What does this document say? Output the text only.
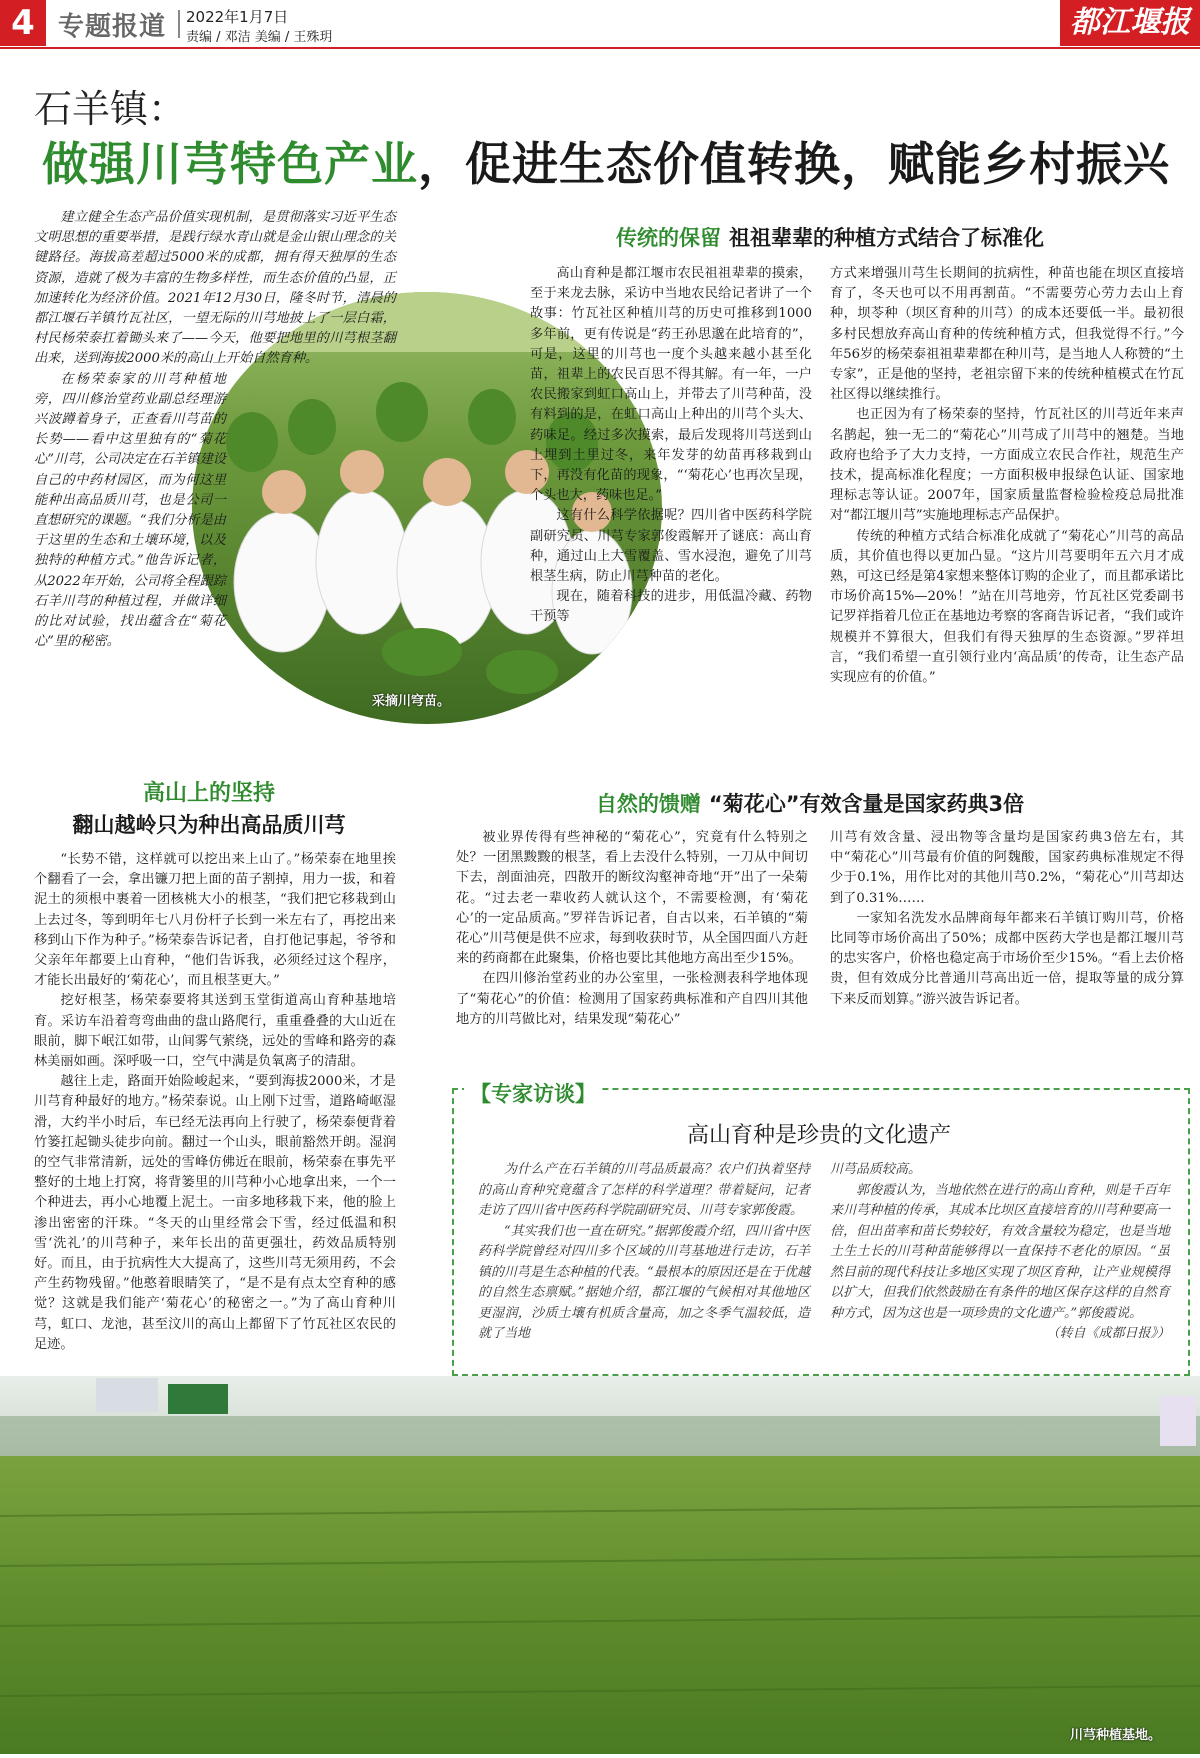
4 专题报道 2022年1月7日
责编 / 邓洁 美编 / 王殊玥	都江堰报
石羊镇：
做强川芎特色产业，促进生态价值转换，赋能乡村振兴
采摘川穹苗。

建立健全生态产品价值实现机制，是贯彻落实习近平生态文明思想的重要举措，是践行绿水青山就是金山银山理念的关键路径。海拔高差超过5000米的成都，拥有得天独厚的生态资源，造就了极为丰富的生物多样性，而生态价值的凸显，正加速转化为经济价值。2021年12月30日，隆冬时节，清晨的都江堰石羊镇竹瓦社区，一望无际的川芎地披上了一层白霜，村民杨荣泰扛着锄头来了——今天，他要把地里的川芎根茎翻出来，送到海拔2000米的高山上开始自然育种。

在杨荣泰家的川芎种植地旁，四川修治堂药业副总经理游兴波蹲着身子，正查看川芎苗的长势——看中这里独有的“菊花心”川芎，公司决定在石羊镇建设自己的中药材园区，而为何这里能种出高品质川芎，也是公司一直想研究的课题。“我们分析是由于这里的生态和土壤环境，以及独特的种植方式。”他告诉记者，从2022年开始，公司将全程跟踪石羊川芎的种植过程，并做详细的比对试验，找出蕴含在“菊花心”里的秘密。

传统的保留 祖祖辈辈的种植方式结合了标准化

高山育种是都江堰市农民祖祖辈辈的摸索，至于来龙去脉，采访中当地农民给记者讲了一个故事：竹瓦社区种植川芎的历史可推移到1000多年前，更有传说是“药王孙思邈在此培育的”，可是，这里的川芎也一度个头越来越小甚至化苗，祖辈上的农民百思不得其解。有一年，一户农民搬家到虹口高山上，并带去了川芎种苗，没有料到的是，在虹口高山上种出的川芎个头大、药味足。经过多次摸索，最后发现将川芎送到山上埋到土里过冬，来年发芽的幼苗再移栽到山下，再没有化苗的现象，“‘菊花心’也再次呈现，个头也大，药味也足。”

这有什么科学依据呢？四川省中医药科学院副研究员、川芎专家郭俊霞解开了谜底：高山育种，通过山上大雪覆盖、雪水浸泡，避免了川芎根茎生病，防止川芎种苗的老化。

现在，随着科技的进步，用低温冷藏、药物干预等

方式来增强川芎生长期间的抗病性，种苗也能在坝区直接培育了，冬天也可以不用再割苗。“不需要劳心劳力去山上育种，坝苓种（坝区育种的川芎）的成本还要低一半。最初很多村民想放弃高山育种的传统种植方式，但我觉得不行。”今年56岁的杨荣泰祖祖辈辈都在种川芎，是当地人人称赞的“土专家”，正是他的坚持，老祖宗留下来的传统种植模式在竹瓦社区得以继续推行。

也正因为有了杨荣泰的坚持，竹瓦社区的川芎近年来声名鹊起，独一无二的“菊花心”川芎成了川芎中的翘楚。当地政府也给予了大力支持，一方面成立农民合作社，规范生产技术，提高标准化程度；一方面积极申报绿色认证、国家地理标志等认证。2007年，国家质量监督检验检疫总局批准对“都江堰川芎”实施地理标志产品保护。

传统的种植方式结合标准化成就了“菊花心”川芎的高品质，其价值也得以更加凸显。“这片川芎要明年五六月才成熟，可这已经是第4家想来整体订购的企业了，而且都承诺比市场价高15%—20%！”站在川芎地旁，竹瓦社区党委副书记罗祥指着几位正在基地边考察的客商告诉记者，“我们或许规模并不算很大，但我们有得天独厚的生态资源。”罗祥坦言，“我们希望一直引领行业内‘高品质’的传奇，让生态产品实现应有的价值。”

高山上的坚持
翻山越岭只为种出高品质川芎

“长势不错，这样就可以挖出来上山了。”杨荣泰在地里挨个翻看了一会，拿出镰刀把上面的苗子割掉，用力一拔，和着泥土的须根中裹着一团核桃大小的根茎，“我们把它移栽到山上去过冬，等到明年七八月份杆子长到一米左右了，再挖出来移到山下作为种子。”杨荣泰告诉记者，自打他记事起，爷爷和父亲年年都要上山育种，“他们告诉我，必须经过这个程序，才能长出最好的‘菊花心’，而且根茎更大。”

挖好根茎，杨荣泰要将其送到玉堂街道高山育种基地培育。采访车沿着弯弯曲曲的盘山路爬行，重重叠叠的大山近在眼前，脚下岷江如带，山间雾气萦绕，远处的雪峰和路旁的森林美丽如画。深呼吸一口，空气中满是负氧离子的清甜。

越往上走，路面开始险峻起来，“要到海拔2000米，才是川芎育种最好的地方。”杨荣泰说。山上刚下过雪，道路崎岖湿滑，大约半小时后，车已经无法再向上行驶了，杨荣泰便背着竹篓扛起锄头徒步向前。翻过一个山头，眼前豁然开朗。湿润的空气非常清新，远处的雪峰仿佛近在眼前，杨荣泰在事先平整好的土地上打窝，将背篓里的川芎种小心地拿出来，一个一个种进去，再小心地覆上泥土。一亩多地移栽下来，他的脸上渗出密密的汗珠。“冬天的山里经常会下雪，经过低温和积雪‘洗礼’的川芎种子，来年长出的苗更强壮，药效品质特别好。而且，由于抗病性大大提高了，这些川芎无须用药，不会产生药物残留。”他憨着眼睛笑了，“是不是有点太空育种的感觉？这就是我们能产‘菊花心’的秘密之一。”为了高山育种川芎，虹口、龙池，甚至汶川的高山上都留下了竹瓦社区农民的足迹。

自然的馈赠 “菊花心”有效含量是国家药典3倍

被业界传得有些神秘的“菊花心”，究竟有什么特别之处？一团黑黢黢的根茎，看上去没什么特别，一刀从中间切下去，剖面油亮，四散开的断纹沟壑神奇地“开”出了一朵菊花。“过去老一辈收药人就认这个，不需要检测，有‘菊花心’的一定品质高。”罗祥告诉记者，自古以来，石羊镇的“菊花心”川芎便是供不应求，每到收获时节，从全国四面八方赶来的药商都在此聚集，价格也要比其他地方高出至少15%。

在四川修治堂药业的办公室里，一张检测表科学地体现了“菊花心”的价值：检测用了国家药典标准和产自四川其他地方的川芎做比对，结果发现“菊花心”

川芎有效含量、浸出物等含量均是国家药典3倍左右，其中“菊花心”川芎最有价值的阿魏酸，国家药典标准规定不得少于0.1%，用作比对的其他川芎0.2%，“菊花心”川芎却达到了0.31%……

一家知名洗发水品牌商每年都来石羊镇订购川芎，价格比同等市场价高出了50%；成都中医药大学也是都江堰川芎的忠实客户，价格也稳定高于市场价至少15%。“看上去价格贵，但有效成分比普通川芎高出近一倍，提取等量的成分算下来反而划算。”游兴波告诉记者。

【专家访谈】
高山育种是珍贵的文化遗产

为什么产在石羊镇的川芎品质最高？农户们执着坚持的高山育种究竟蕴含了怎样的科学道理？带着疑问，记者走访了四川省中医药科学院副研究员、川芎专家郭俊霞。

“其实我们也一直在研究。”据郭俊霞介绍，四川省中医药科学院曾经对四川多个区域的川芎基地进行走访，石羊镇的川芎是生态种植的代表。“最根本的原因还是在于优越的自然生态禀赋。”据她介绍，都江堰的气候相对其他地区更湿润，沙质土壤有机质含量高，加之冬季气温较低，造就了当地

川芎品质较高。

郭俊霞认为，当地依然在进行的高山育种，则是千百年来川芎种植的传承，其成本比坝区直接培育的川芎种要高一倍，但出苗率和苗长势较好，有效含量较为稳定，也是当地土生土长的川芎种苗能够得以一直保持不老化的原因。“虽然目前的现代科技让多地区实现了坝区育种，让产业规模得以扩大，但我们依然鼓励在有条件的地区保存这样的自然育种方式，因为这也是一项珍贵的文化遗产。”郭俊霞说。

（转自《成都日报》）

川芎种植基地。
